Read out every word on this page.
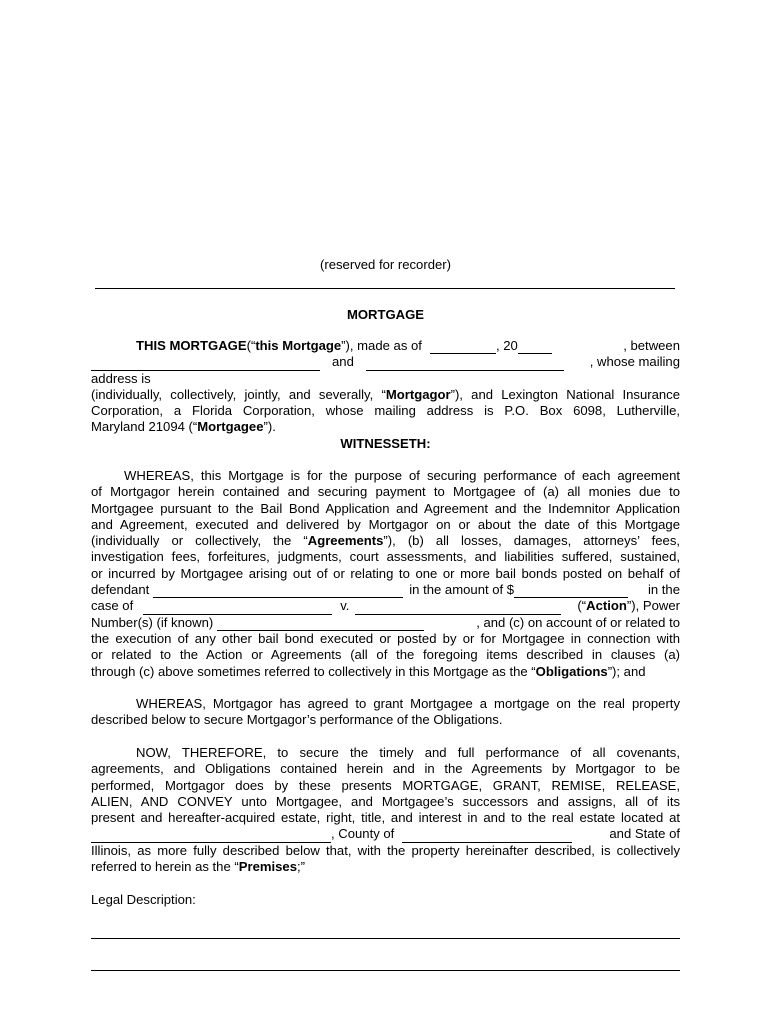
(reserved for recorder)
MORTGAGE
THIS MORTGAGE (“ this Mortgage ”), made as of	, 20	, between
and	, whose mailing
address is

(individually, collectively, jointly, and severally, “Mortgagor”), and Lexington National Insurance

Corporation, a Florida Corporation, whose mailing address is P.O. Box 6098, Lutherville,

Maryland 21094 (“Mortgagee”).

WITNESSETH:

WHEREAS, this Mortgage is for the purpose of securing performance of each agreement

of Mortgagor herein contained and securing payment to Mortgagee of (a) all monies due to

Mortgagee pursuant to the Bail Bond Application and Agreement and the Indemnitor Application

and Agreement, executed and delivered by Mortgagor on or about the date of this Mortgage

(individually or collectively, the “Agreements”), (b) all losses, damages, attorneys’ fees,

investigation fees, forfeitures, judgments, court assessments, and liabilities suffered, sustained,

or incurred by Mortgagee arising out of or relating to one or more bail bonds posted on behalf of

defendant	in the amount of $	in the
case of	v.	(“ Action ”), Power
Number(s) (if known)	, and (c) on account of or related to

the execution of any other bail bond executed or posted by or for Mortgagee in connection with

or related to the Action or Agreements (all of the foregoing items described in clauses (a)

through (c) above sometimes referred to collectively in this Mortgage as the “Obligations”); and

WHEREAS, Mortgagor has agreed to grant Mortgagee a mortgage on the real property

described below to secure Mortgagor’s performance of the Obligations.

NOW, THEREFORE, to secure the timely and full performance of all covenants,

agreements, and Obligations contained herein and in the Agreements by Mortgagor to be

performed, Mortgagor does by these presents MORTGAGE, GRANT, REMISE, RELEASE,

ALIEN, AND CONVEY unto Mortgagee, and Mortgagee’s successors and assigns, all of its

present and hereafter-acquired estate, right, title, and interest in and to the real estate located at

, County of	and State of

Illinois, as more fully described below that, with the property hereinafter described, is collectively

referred to herein as the “Premises;”

Legal Description:
